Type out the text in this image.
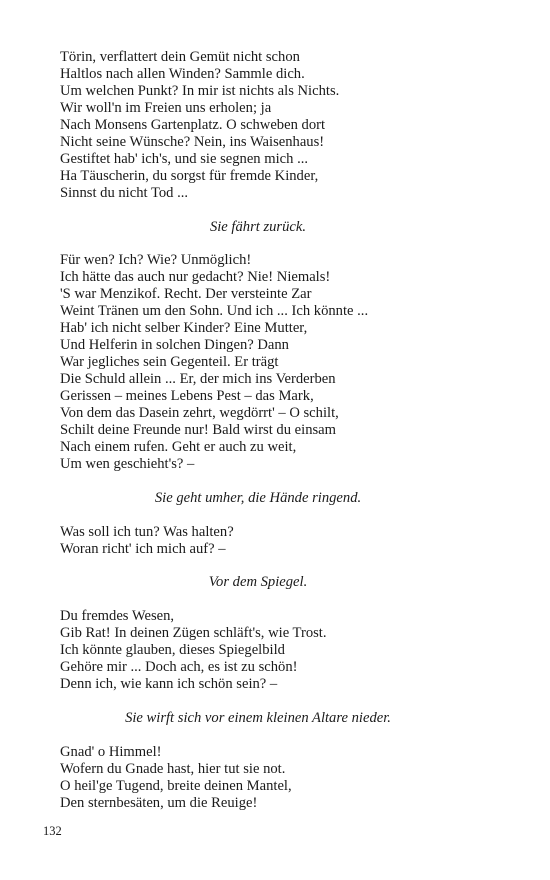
Törin, verflattert dein Gemüt nicht schon
Haltlos nach allen Winden? Sammle dich.
Um welchen Punkt? In mir ist nichts als Nichts.
Wir woll'n im Freien uns erholen; ja
Nach Monsens Gartenplatz. O schweben dort
Nicht seine Wünsche? Nein, ins Waisenhaus!
Gestiftet hab' ich's, und sie segnen mich ...
Ha Täuscherin, du sorgst für fremde Kinder,
Sinnst du nicht Tod ...
Sie fährt zurück.
Für wen? Ich? Wie? Unmöglich!
Ich hätte das auch nur gedacht? Nie! Niemals!
'S war Menzikof. Recht. Der versteinte Zar
Weint Tränen um den Sohn. Und ich ... Ich könnte ...
Hab' ich nicht selber Kinder? Eine Mutter,
Und Helferin in solchen Dingen? Dann
War jegliches sein Gegenteil. Er trägt
Die Schuld allein ... Er, der mich ins Verderben
Gerissen – meines Lebens Pest – das Mark,
Von dem das Dasein zehrt, wegdörrt' – O schilt,
Schilt deine Freunde nur! Bald wirst du einsam
Nach einem rufen. Geht er auch zu weit,
Um wen geschieht's? –
Sie geht umher, die Hände ringend.
Was soll ich tun? Was halten?
Woran richt' ich mich auf? –
Vor dem Spiegel.
Du fremdes Wesen,
Gib Rat! In deinen Zügen schläft's, wie Trost.
Ich könnte glauben, dieses Spiegelbild
Gehöre mir ... Doch ach, es ist zu schön!
Denn ich, wie kann ich schön sein? –
Sie wirft sich vor einem kleinen Altare nieder.
Gnad' o Himmel!
Wofern du Gnade hast, hier tut sie not.
O heil'ge Tugend, breite deinen Mantel,
Den sternbesäten, um die Reuige!
132
